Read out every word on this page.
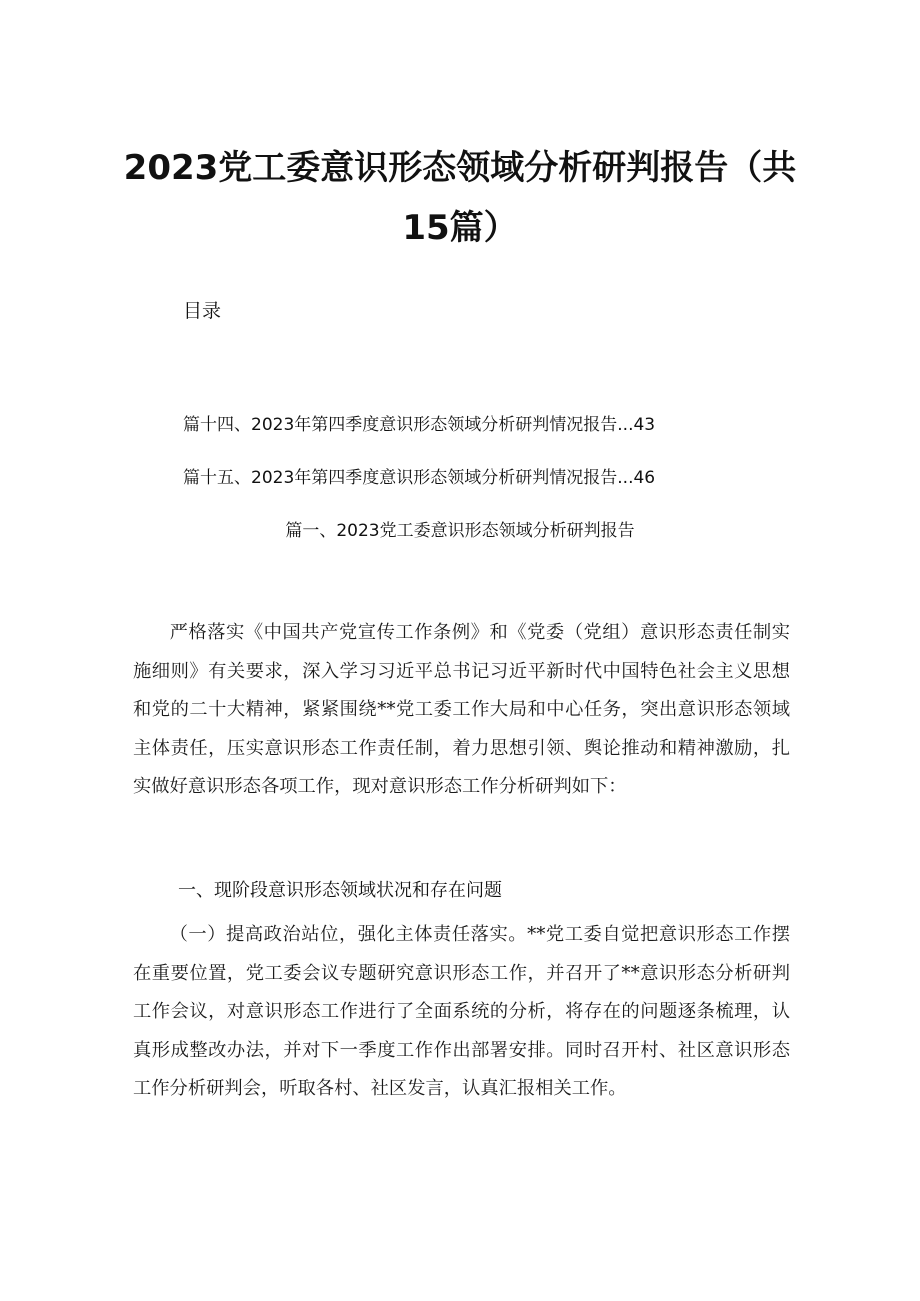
2023党工委意识形态领域分析研判报告（共
15篇）
目录
篇十四、2023年第四季度意识形态领域分析研判情况报告...43
篇十五、2023年第四季度意识形态领域分析研判情况报告...46
篇一、2023党工委意识形态领域分析研判报告

严格落实《中国共产党宣传工作条例》和《党委（党组）意识形态责任制实施细则》有关要求，深入学习习近平总书记习近平新时代中国特色社会主义思想和党的二十大精神，紧紧围绕**党工委工作大局和中心任务，突出意识形态领域主体责任，压实意识形态工作责任制，着力思想引领、舆论推动和精神激励，扎实做好意识形态各项工作，现对意识形态工作分析研判如下：

一、现阶段意识形态领域状况和存在问题

（一）提高政治站位，强化主体责任落实。**党工委自觉把意识形态工作摆在重要位置，党工委会议专题研究意识形态工作，并召开了**意识形态分析研判工作会议，对意识形态工作进行了全面系统的分析，将存在的问题逐条梳理，认真形成整改办法，并对下一季度工作作出部署安排。同时召开村、社区意识形态工作分析研判会，听取各村、社区发言，认真汇报相关工作。
